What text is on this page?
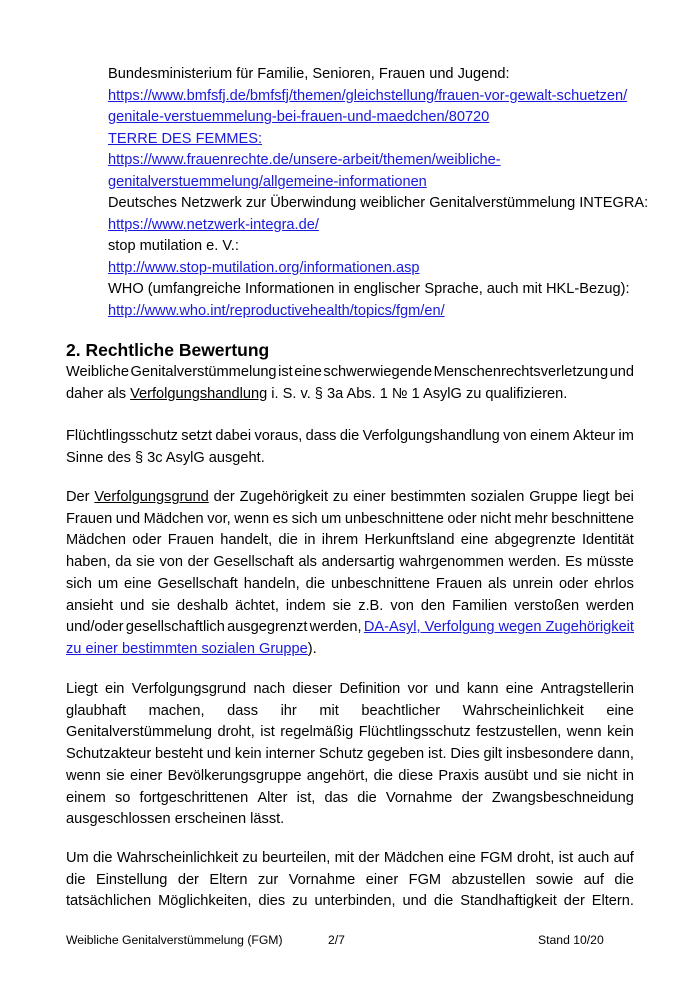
Bundesministerium für Familie, Senioren, Frauen und Jugend:
https://www.bmfsfj.de/bmfsfj/themen/gleichstellung/frauen-vor-gewalt-schuetzen/
genitale-verstuemmelung-bei-frauen-und-maedchen/80720
TERRE DES FEMMES:
https://www.frauenrechte.de/unsere-arbeit/themen/weibliche-
genitalverstuemmelung/allgemeine-informationen
Deutsches Netzwerk zur Überwindung weiblicher Genitalverstümmelung INTEGRA:
https://www.netzwerk-integra.de/
stop mutilation e. V.:
http://www.stop-mutilation.org/informationen.asp
WHO (umfangreiche Informationen in englischer Sprache, auch mit HKL-Bezug):
http://www.who.int/reproductivehealth/topics/fgm/en/
2. Rechtliche Bewertung
Weibliche Genitalverstümmelung ist eine schwerwiegende Menschenrechtsverletzung und
daher als Verfolgungshandlung i. S. v. § 3a Abs. 1 № 1 AsylG zu qualifizieren.
Flüchtlingsschutz setzt dabei voraus, dass die Verfolgungshandlung von einem Akteur im
Sinne des § 3c AsylG ausgeht.
Der Verfolgungsgrund der Zugehörigkeit zu einer bestimmten sozialen Gruppe liegt bei
Frauen und Mädchen vor, wenn es sich um unbeschnittene oder nicht mehr beschnittene
Mädchen oder Frauen handelt, die in ihrem Herkunftsland eine abgegrenzte Identität
haben, da sie von der Gesellschaft als andersartig wahrgenommen werden. Es müsste
sich um eine Gesellschaft handeln, die unbeschnittene Frauen als unrein oder ehrlos
ansieht und sie deshalb ächtet, indem sie z.B. von den Familien verstoßen werden
und/oder gesellschaftlich ausgegrenzt werden, DA-Asyl, Verfolgung wegen Zugehörigkeit
zu einer bestimmten sozialen Gruppe).
Liegt ein Verfolgungsgrund nach dieser Definition vor und kann eine Antragstellerin
glaubhaft machen, dass ihr mit beachtlicher Wahrscheinlichkeit eine
Genitalverstümmelung droht, ist regelmäßig Flüchtlingsschutz festzustellen, wenn kein
Schutzakteur besteht und kein interner Schutz gegeben ist. Dies gilt insbesondere dann,
wenn sie einer Bevölkerungsgruppe angehört, die diese Praxis ausübt und sie nicht in
einem so fortgeschrittenen Alter ist, das die Vornahme der Zwangsbeschneidung
ausgeschlossen erscheinen lässt.
Um die Wahrscheinlichkeit zu beurteilen, mit der Mädchen eine FGM droht, ist auch auf
die Einstellung der Eltern zur Vornahme einer FGM abzustellen sowie auf die
tatsächlichen Möglichkeiten, dies zu unterbinden, und die Standhaftigkeit der Eltern.
Weibliche Genitalverstümmelung (FGM)	2/7	Stand 10/20
